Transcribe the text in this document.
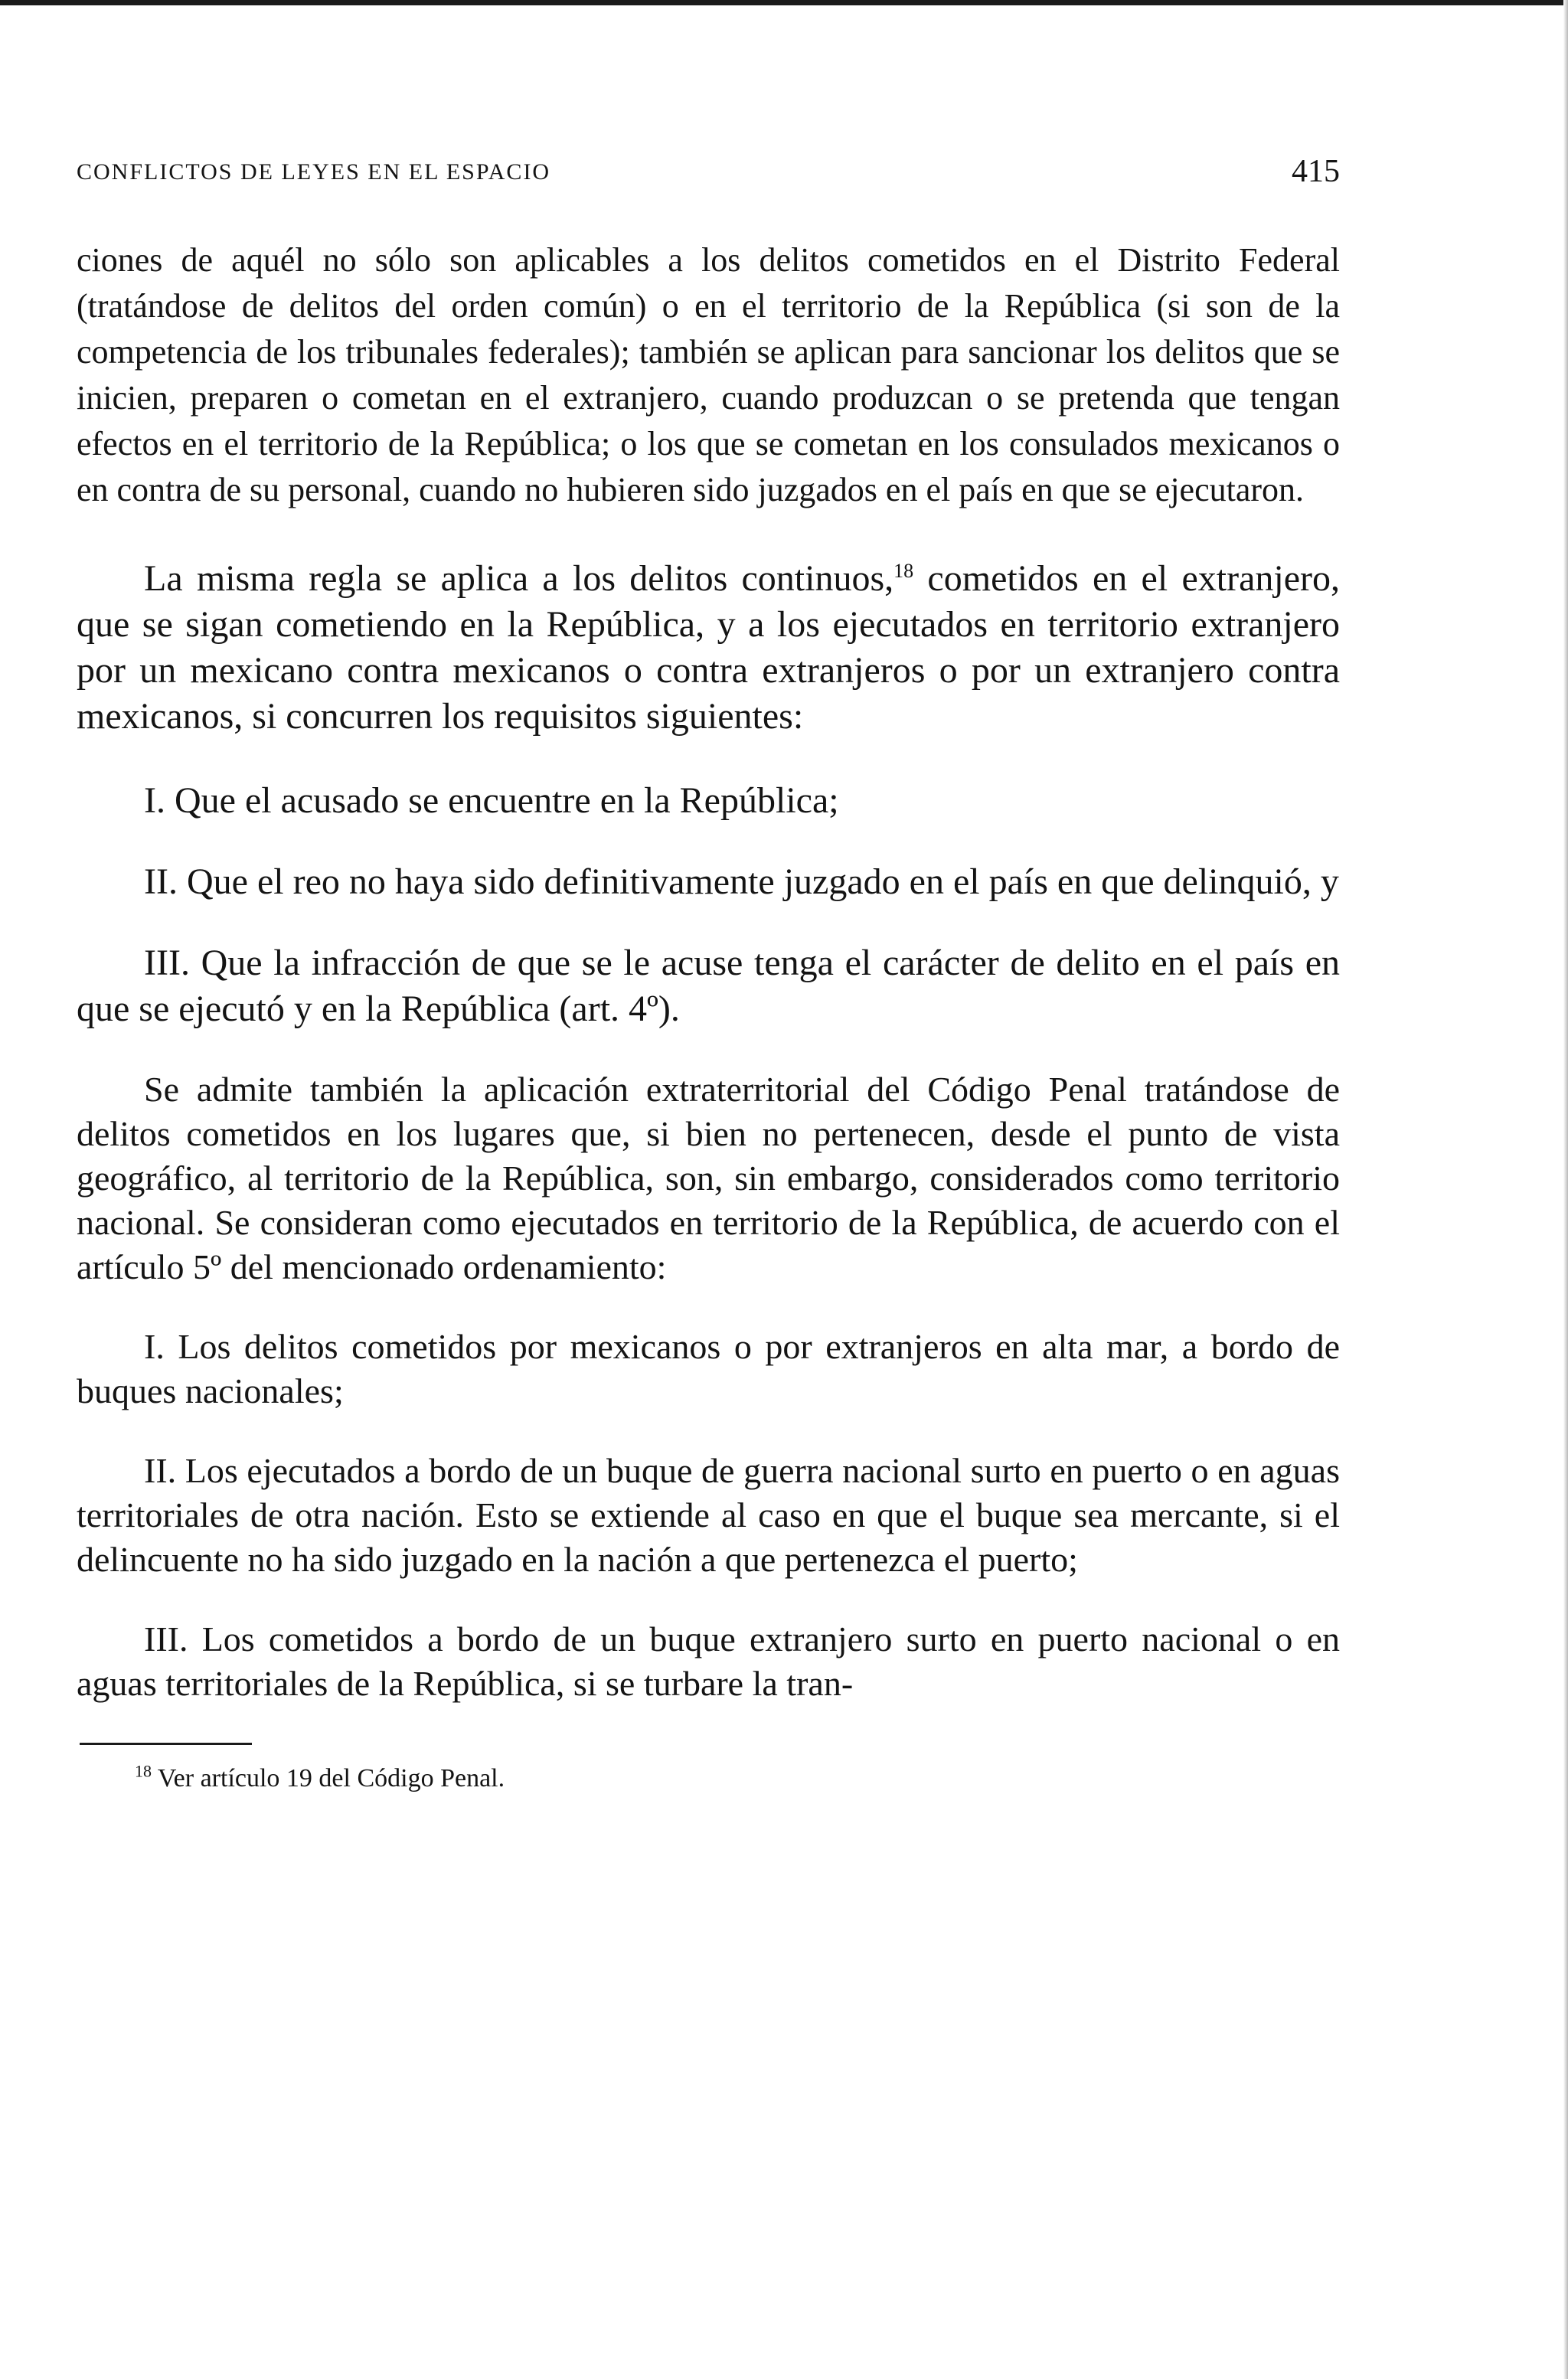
CONFLICTOS DE LEYES EN EL ESPACIO	415

ciones de aquél no sólo son aplicables a los delitos cometidos en el Distrito Federal (tratándose de delitos del orden común) o en el territorio de la República (si son de la competencia de los tribunales federales); también se aplican para sancionar los delitos que se inicien, preparen o cometan en el extranjero, cuando produzcan o se pretenda que tengan efectos en el territorio de la República; o los que se cometan en los consulados mexicanos o en contra de su personal, cuando no hubieren sido juzgados en el país en que se ejecutaron.

La misma regla se aplica a los delitos continuos,$^{18}$ cometidos en el extranjero, que se sigan cometiendo en la República, y a los ejecutados en territorio extranjero por un mexicano contra mexicanos o contra extranjeros o por un extranjero contra mexicanos, si concurren los requisitos siguientes:

I. Que el acusado se encuentre en la República;

II. Que el reo no haya sido definitivamente juzgado en el país en que delinquió, y

III. Que la infracción de que se le acuse tenga el carácter de delito en el país en que se ejecutó y en la República (art. 4º).

Se admite también la aplicación extraterritorial del Código Penal tratándose de delitos cometidos en los lugares que, si bien no pertenecen, desde el punto de vista geográfico, al territorio de la República, son, sin embargo, considerados como territorio nacional. Se consideran como ejecutados en territorio de la República, de acuerdo con el artículo 5º del mencionado ordenamiento:

I. Los delitos cometidos por mexicanos o por extranjeros en alta mar, a bordo de buques nacionales;

II. Los ejecutados a bordo de un buque de guerra nacional surto en puerto o en aguas territoriales de otra nación. Esto se extiende al caso en que el buque sea mercante, si el delincuente no ha sido juzgado en la nación a que pertenezca el puerto;

III. Los cometidos a bordo de un buque extranjero surto en puerto nacional o en aguas territoriales de la República, si se turbare la tran-

$^{18}$ Ver artículo 19 del Código Penal.
